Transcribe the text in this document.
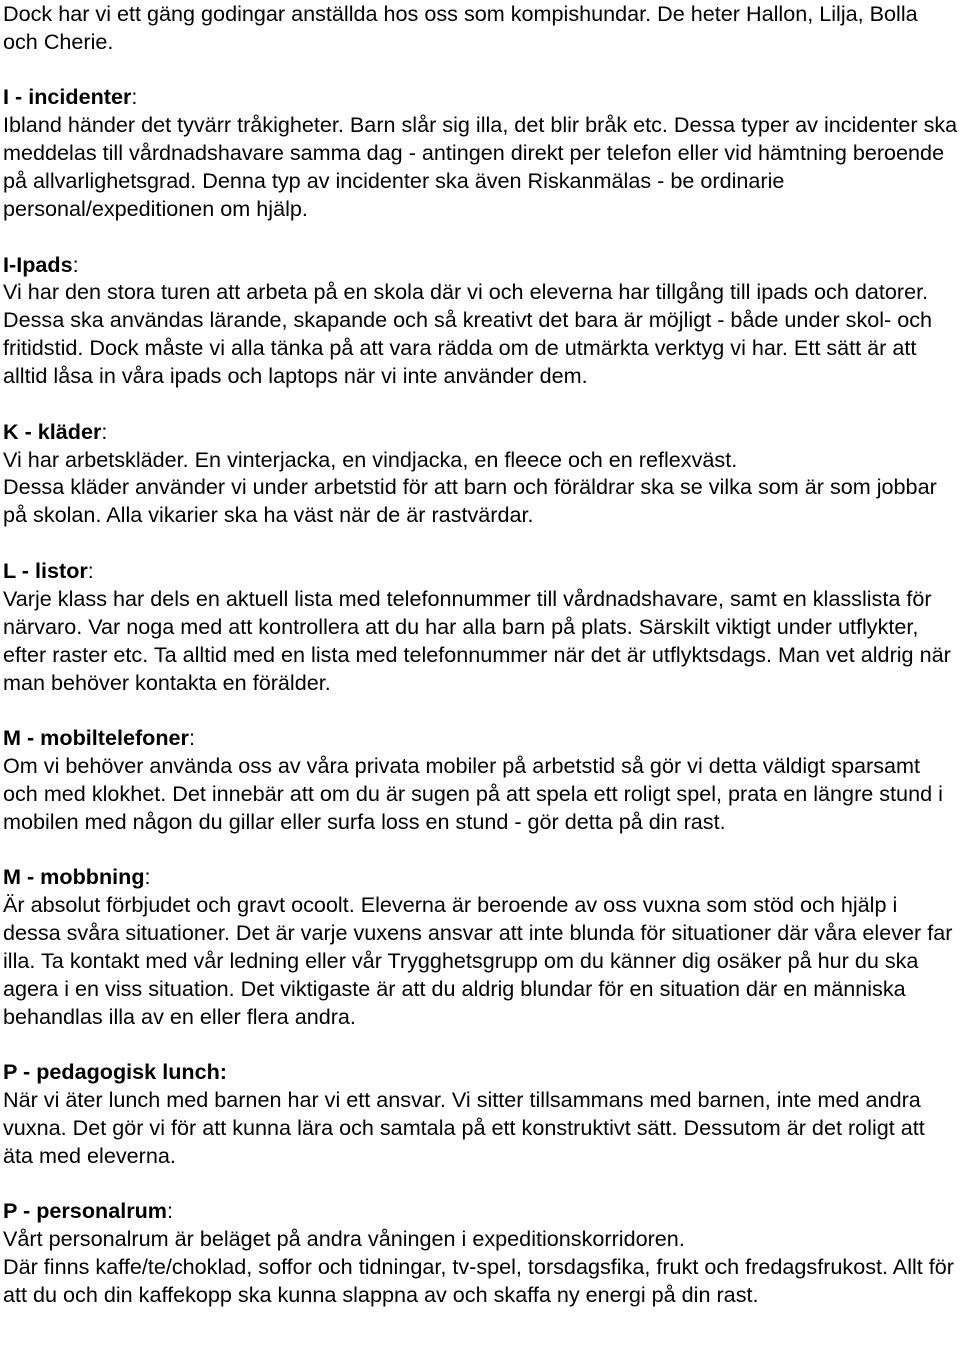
Dock har vi ett gäng godingar anställda hos oss som kompishundar. De heter Hallon, Lilja, Bolla och Cherie.

I - incidenter:

Ibland händer det tyvärr tråkigheter. Barn slår sig illa, det blir bråk etc. Dessa typer av incidenter ska meddelas till vårdnadshavare samma dag - antingen direkt per telefon eller vid hämtning beroende på allvarlighetsgrad. Denna typ av incidenter ska även Riskanmälas - be ordinarie personal/expeditionen om hjälp.

I-Ipads:

Vi har den stora turen att arbeta på en skola där vi och eleverna har tillgång till ipads och datorer. Dessa ska användas lärande, skapande och så kreativt det bara är möjligt - både under skol- och fritidstid. Dock måste vi alla tänka på att vara rädda om de utmärkta verktyg vi har. Ett sätt är att alltid låsa in våra ipads och laptops när vi inte använder dem.

K - kläder:

Vi har arbetskläder. En vinterjacka, en vindjacka, en fleece och en reflexväst.

Dessa kläder använder vi under arbetstid för att barn och föräldrar ska se vilka som är som jobbar på skolan. Alla vikarier ska ha väst när de är rastvärdar.

L - listor:

Varje klass har dels en aktuell lista med telefonnummer till vårdnadshavare, samt en klasslista för närvaro. Var noga med att kontrollera att du har alla barn på plats. Särskilt viktigt under utflykter, efter raster etc. Ta alltid med en lista med telefonnummer när det är utflyktsdags. Man vet aldrig när man behöver kontakta en förälder.

M - mobiltelefoner:

Om vi behöver använda oss av våra privata mobiler på arbetstid så gör vi detta väldigt sparsamt och med klokhet. Det innebär att om du är sugen på att spela ett roligt spel, prata en längre stund i mobilen med någon du gillar eller surfa loss en stund - gör detta på din rast.

M - mobbning:

Är absolut förbjudet och gravt ocoolt. Eleverna är beroende av oss vuxna som stöd och hjälp i dessa svåra situationer. Det är varje vuxens ansvar att inte blunda för situationer där våra elever far illa. Ta kontakt med vår ledning eller vår Trygghetsgrupp om du känner dig osäker på hur du ska agera i en viss situation. Det viktigaste är att du aldrig blundar för en situation där en människa behandlas illa av en eller flera andra.

P - pedagogisk lunch:

När vi äter lunch med barnen har vi ett ansvar. Vi sitter tillsammans med barnen, inte med andra vuxna. Det gör vi för att kunna lära och samtala på ett konstruktivt sätt. Dessutom är det roligt att äta med eleverna.

P - personalrum:

Vårt personalrum är beläget på andra våningen i expeditionskorridoren.

Där finns kaffe/te/choklad, soffor och tidningar, tv-spel, torsdagsfika, frukt och fredagsfrukost. Allt för att du och din kaffekopp ska kunna slappna av och skaffa ny energi på din rast.
